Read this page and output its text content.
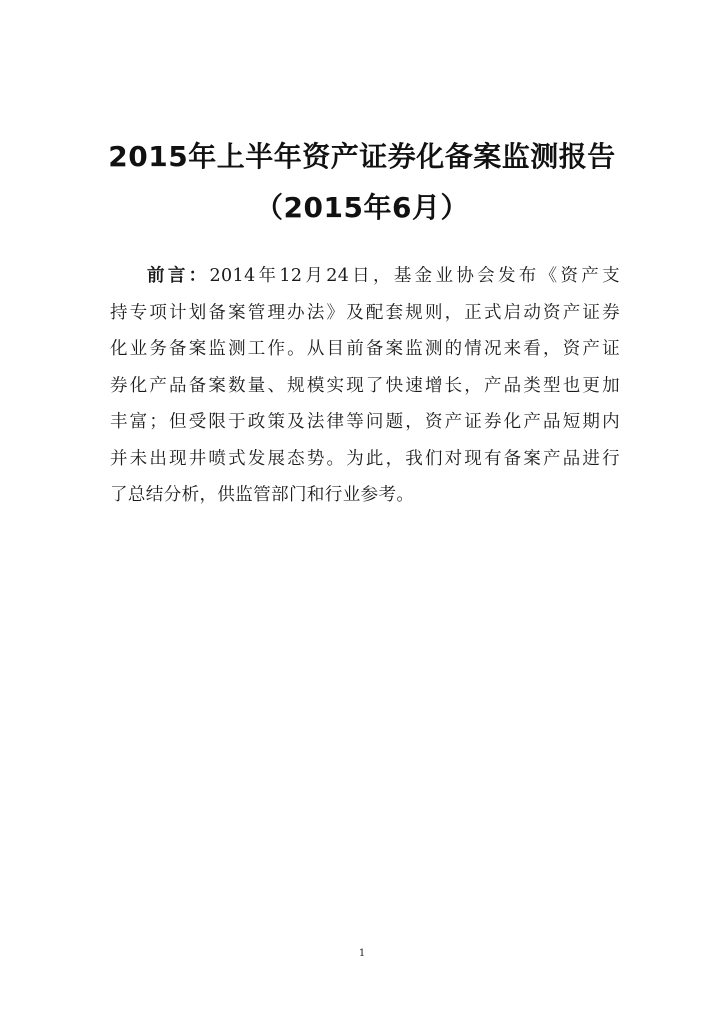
2015年上半年资产证券化备案监测报告
（2015年6月）
前言：2014年12月24日，基金业协会发布《资产支
持专项计划备案管理办法》及配套规则，正式启动资产证券
化业务备案监测工作。从目前备案监测的情况来看，资产证
券化产品备案数量、规模实现了快速增长，产品类型也更加
丰富；但受限于政策及法律等问题，资产证券化产品短期内
并未出现井喷式发展态势。为此，我们对现有备案产品进行
了总结分析，供监管部门和行业参考。
1
